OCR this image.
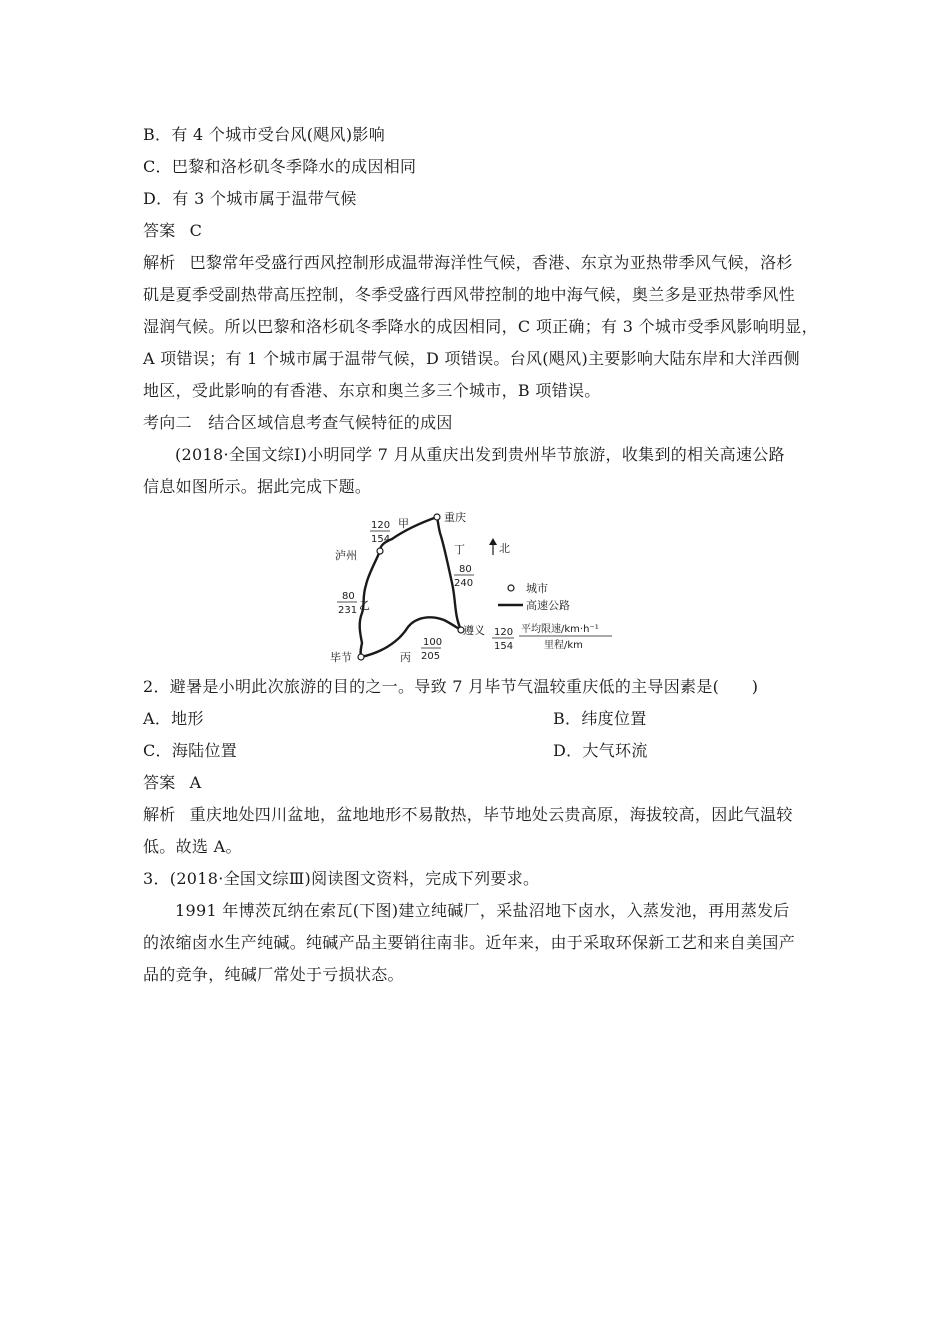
B．有 4 个城市受台风(飓风)影响
C．巴黎和洛杉矶冬季降水的成因相同
D．有 3 个城市属于温带气候
答案 C
解析 巴黎常年受盛行西风控制形成温带海洋性气候，香港、东京为亚热带季风气候，洛杉
矶是夏季受副热带高压控制，冬季受盛行西风带控制的地中海气候，奥兰多是亚热带季风性
湿润气候。所以巴黎和洛杉矶冬季降水的成因相同，C 项正确；有 3 个城市受季风影响明显，
A 项错误；有 1 个城市属于温带气候，D 项错误。台风(飓风)主要影响大陆东岸和大洋西侧
地区，受此影响的有香港、东京和奥兰多三个城市，B 项错误。
考向二　结合区域信息考查气候特征的成因
(2018·全国文综Ⅰ)小明同学 7 月从重庆出发到贵州毕节旅游，收集到的相关高速公路
信息如图所示。据此完成下题。
重庆
泸州
毕节
遵义
120
154
甲
丁
80
240
80
231 乙
丙
100
205
北
城市
高速公路
120
154
平均限速/km·h⁻¹
里程/km
2．避暑是小明此次旅游的目的之一。导致 7 月毕节气温较重庆低的主导因素是(　　)
A．地形	B．纬度位置
C．海陆位置	D．大气环流
答案 A
解析 重庆地处四川盆地，盆地地形不易散热，毕节地处云贵高原，海拔较高，因此气温较
低。故选 A。
3．(2018·全国文综Ⅲ)阅读图文资料，完成下列要求。
1991 年博茨瓦纳在索瓦(下图)建立纯碱厂，采盐沼地下卤水，入蒸发池，再用蒸发后
的浓缩卤水生产纯碱。纯碱产品主要销往南非。近年来，由于采取环保新工艺和来自美国产
品的竞争，纯碱厂常处于亏损状态。
